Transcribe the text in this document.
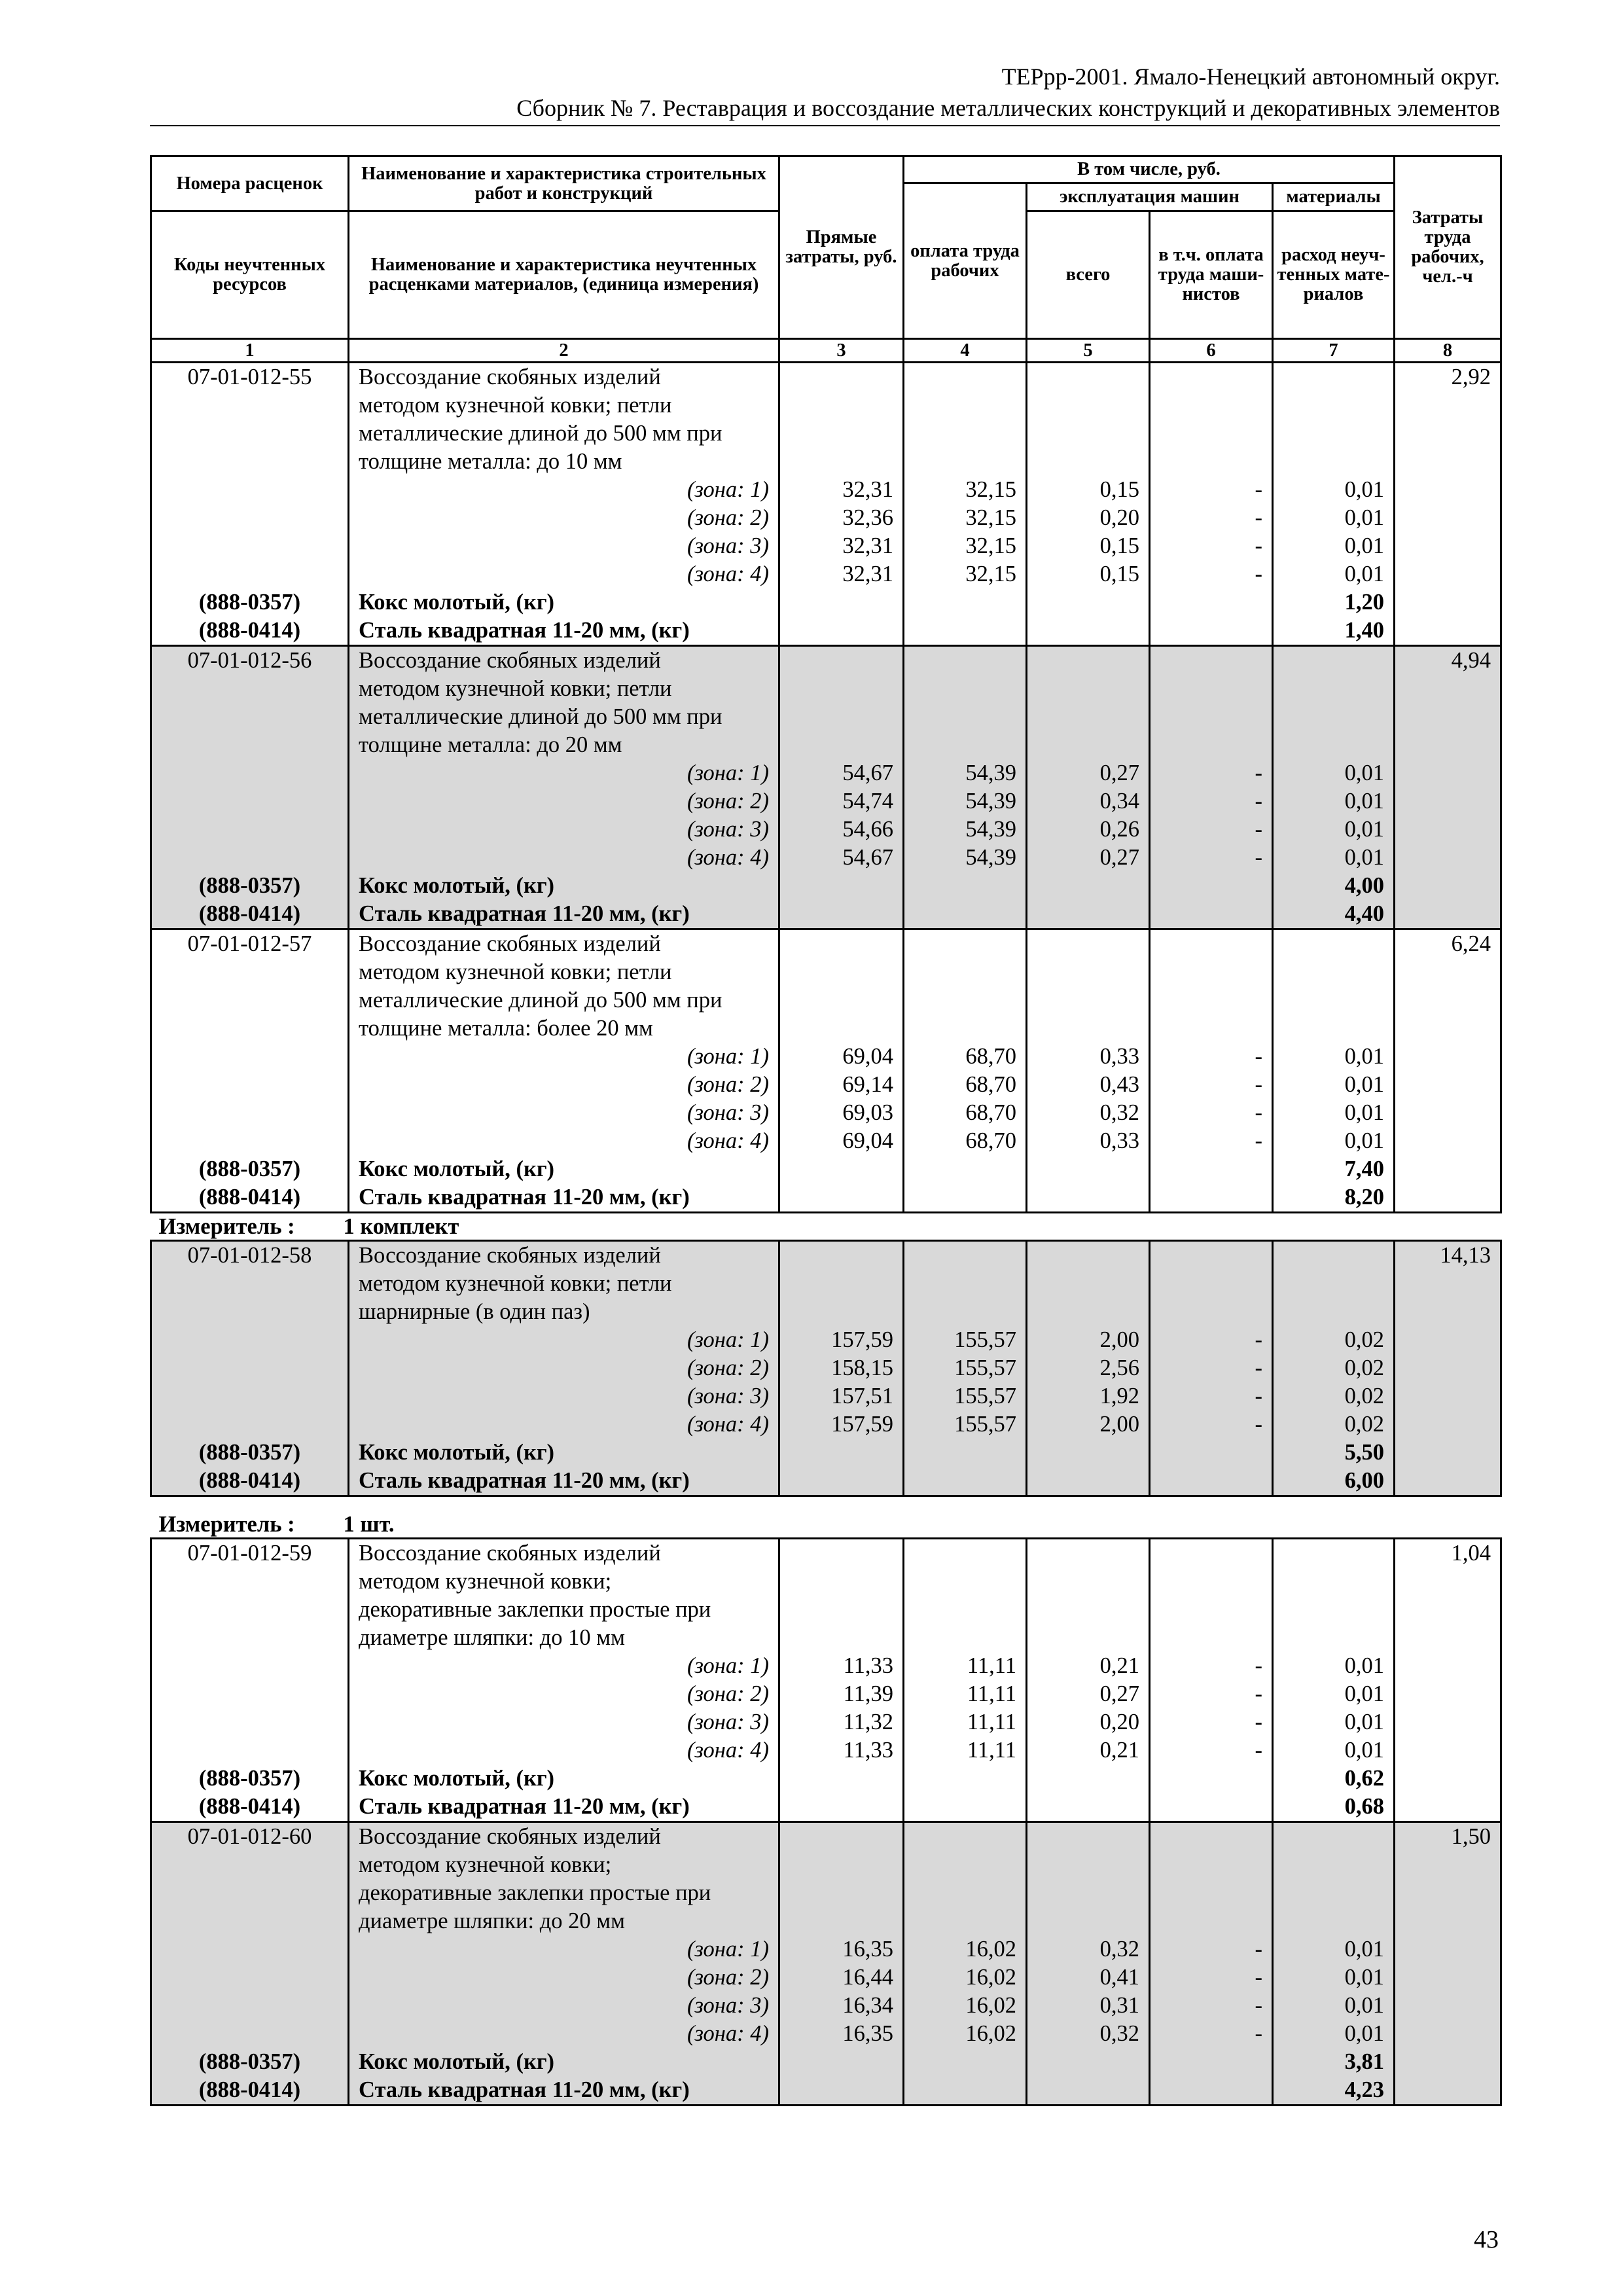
ТЕРрр-2001. Ямало-Ненецкий автономный округ.
Сборник № 7. Реставрация и воссоздание металлических конструкций и декоративных элементов
Номера расценок	Наименование и характеристика строительных работ и конструкций	Прямые затраты, руб.	В том числе, руб.				Затраты труда рабочих, чел.-ч
			оплата труда рабочих	эксплуатация машин		материалы	
Коды неучтенных ресурсов	Наименование и характеристика неучтенных расценками материалов, (единица измерения)			всего	в т.ч. оплата труда маши-нистов	расход неуч-тенных мате-риалов	

1	2	3	4	5	6	7	8
07-01-012-55	Воссоздание скобяных изделий						2,92
	методом кузнечной ковки; петли						
	металлические длиной до 500 мм при						
	толщине металла: до 10 мм						
	(зона: 1)	32,31	32,15	0,15	-	0,01	
	(зона: 2)	32,36	32,15	0,20	-	0,01	
	(зона: 3)	32,31	32,15	0,15	-	0,01	
	(зона: 4)	32,31	32,15	0,15	-	0,01	
(888-0357)	Кокс молотый, (кг)					1,20	
(888-0414)	Сталь квадратная 11-20 мм, (кг)					1,40	
07-01-012-56	Воссоздание скобяных изделий						4,94
	методом кузнечной ковки; петли						
	металлические длиной до 500 мм при						
	толщине металла: до 20 мм						
	(зона: 1)	54,67	54,39	0,27	-	0,01	
	(зона: 2)	54,74	54,39	0,34	-	0,01	
	(зона: 3)	54,66	54,39	0,26	-	0,01	
	(зона: 4)	54,67	54,39	0,27	-	0,01	
(888-0357)	Кокс молотый, (кг)					4,00	
(888-0414)	Сталь квадратная 11-20 мм, (кг)					4,40	
07-01-012-57	Воссоздание скобяных изделий						6,24
	методом кузнечной ковки; петли						
	металлические длиной до 500 мм при						
	толщине металла: более 20 мм						
	(зона: 1)	69,04	68,70	0,33	-	0,01	
	(зона: 2)	69,14	68,70	0,43	-	0,01	
	(зона: 3)	69,03	68,70	0,32	-	0,01	
	(зона: 4)	69,04	68,70	0,33	-	0,01	
(888-0357)	Кокс молотый, (кг)					7,40	
(888-0414)	Сталь квадратная 11-20 мм, (кг)					8,20	
Измеритель : 1 комплект							
07-01-012-58	Воссоздание скобяных изделий						14,13
	методом кузнечной ковки; петли						
	шарнирные (в один паз)						
	(зона: 1)	157,59	155,57	2,00	-	0,02	
	(зона: 2)	158,15	155,57	2,56	-	0,02	
	(зона: 3)	157,51	155,57	1,92	-	0,02	
	(зона: 4)	157,59	155,57	2,00	-	0,02	
(888-0357)	Кокс молотый, (кг)					5,50	
(888-0414)	Сталь квадратная 11-20 мм, (кг)					6,00	
Измеритель : 1 шт.							
07-01-012-59	Воссоздание скобяных изделий						1,04
	методом кузнечной ковки;						
	декоративные заклепки простые при						
	диаметре шляпки: до 10 мм						
	(зона: 1)	11,33	11,11	0,21	-	0,01	
	(зона: 2)	11,39	11,11	0,27	-	0,01	
	(зона: 3)	11,32	11,11	0,20	-	0,01	
	(зона: 4)	11,33	11,11	0,21	-	0,01	
(888-0357)	Кокс молотый, (кг)					0,62	
(888-0414)	Сталь квадратная 11-20 мм, (кг)					0,68	
07-01-012-60	Воссоздание скобяных изделий						1,50
	методом кузнечной ковки;						
	декоративные заклепки простые при						
	диаметре шляпки: до 20 мм						
	(зона: 1)	16,35	16,02	0,32	-	0,01	
	(зона: 2)	16,44	16,02	0,41	-	0,01	
	(зона: 3)	16,34	16,02	0,31	-	0,01	
	(зона: 4)	16,35	16,02	0,32	-	0,01	
(888-0357)	Кокс молотый, (кг)					3,81	
(888-0414)	Сталь квадратная 11-20 мм, (кг)					4,23	
43
